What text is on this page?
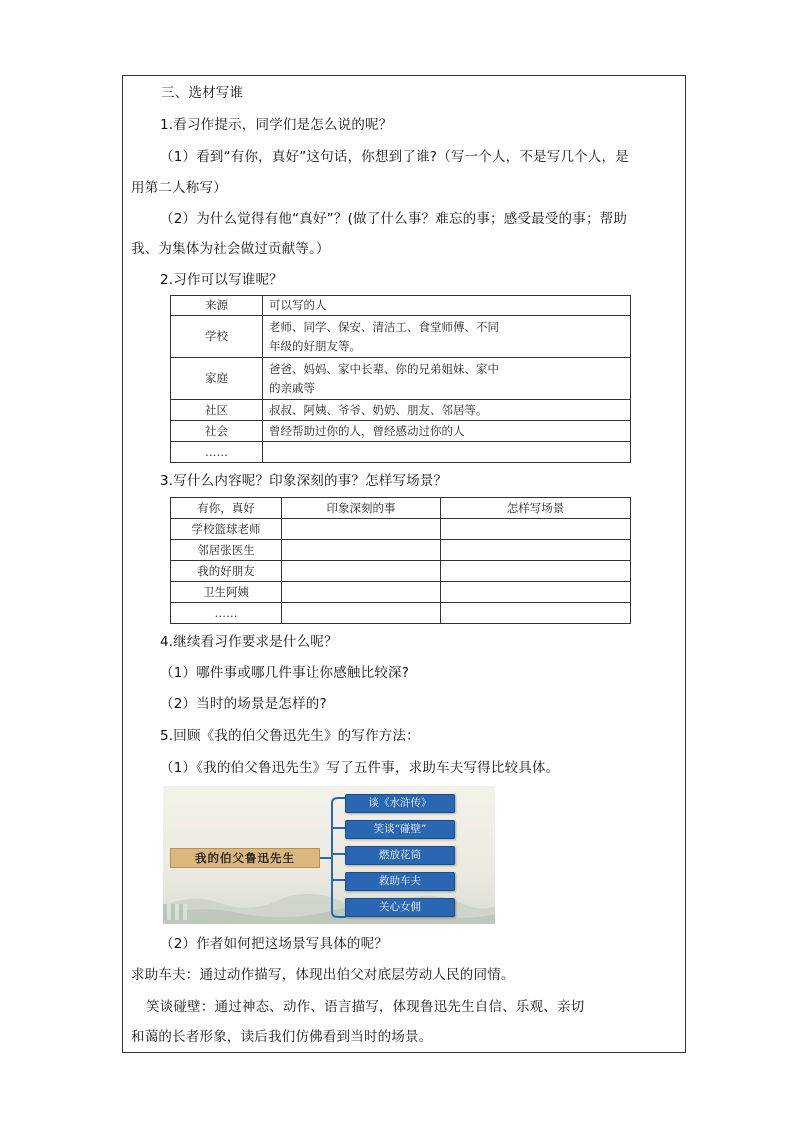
三、选材写谁
1.看习作提示，同学们是怎么说的呢？
（1）看到“有你，真好”这句话，你想到了谁?（写一个人，不是写几个人，是
用第二人称写）
（2）为什么觉得有他“真好”？(做了什么事？难忘的事；感受最受的事；帮助
我、为集体为社会做过贡献等。）
2.习作可以写谁呢？
来源	可以写的人
学校	老师、同学、保安、清洁工、食堂师傅、不同
年级的好朋友等。

家庭	爸爸、妈妈、家中长辈、你的兄弟姐妹、家中
的亲戚等

社区	叔叔、阿姨、爷爷、奶奶、朋友、邻居等。
社会	曾经帮助过你的人，曾经感动过你的人
……	
3.写什么内容呢？印象深刻的事？怎样写场景？
有你，真好	印象深刻的事	怎样写场景
学校篮球老师		
邻居张医生		
我的好朋友		
卫生阿姨		
……		
4.继续看习作要求是什么呢？
（1）哪件事或哪几件事让你感触比较深?
（2）当时的场景是怎样的?
5.回顾《我的伯父鲁迅先生》的写作方法：
（1）《我的伯父鲁迅先生》写了五件事，求助车夫写得比较具体。
我的伯父鲁迅先生
谈《水浒传》
笑谈“碰壁”
燃放花筒
救助车夫
关心女佣
（2）作者如何把这场景写具体的呢？
求助车夫：通过动作描写，体现出伯父对底层劳动人民的同情。
笑谈碰壁：通过神态、动作、语言描写，体现鲁迅先生自信、乐观、亲切
和蔼的长者形象，读后我们仿佛看到当时的场景。
